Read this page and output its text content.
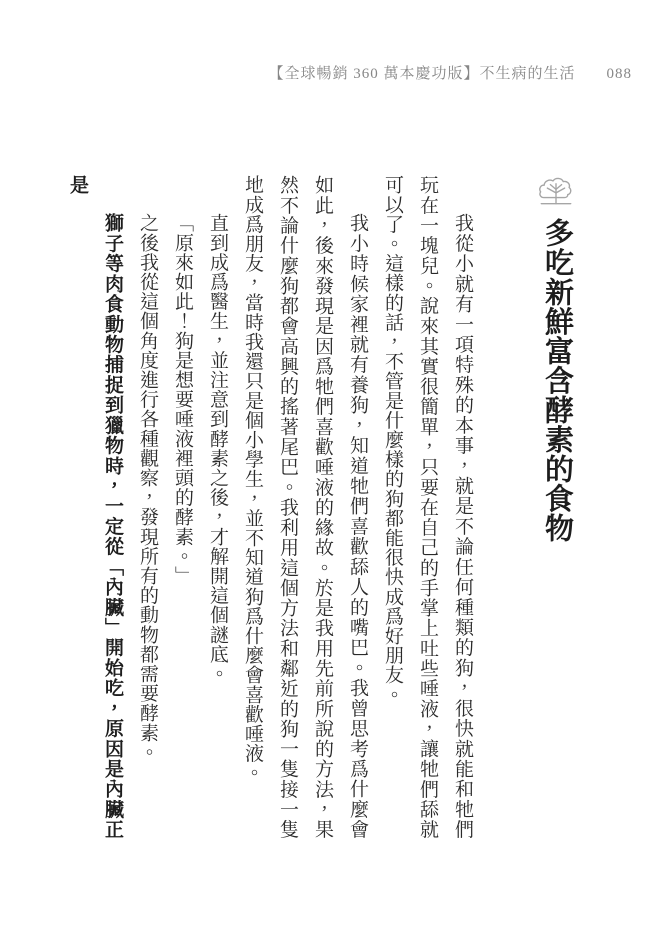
【全球暢銷 360 萬本慶功版】不生病的生活 088
多吃新鮮富含酵素的食物

我從小就有一項特殊的本事，就是不論任何種類的狗，很快就能和牠們玩在一塊兒。說來其實很簡單，只要在自己的手掌上吐些唾液，讓牠們舔就可以了。這樣的話，不管是什麼樣的狗都能很快成爲好朋友。

我小時候家裡就有養狗，知道牠們喜歡舔人的嘴巴。我曾思考爲什麼會如此，後來發現是因爲牠們喜歡唾液的緣故。於是我用先前所說的方法，果然不論什麼狗都會高興的搖著尾巴。我利用這個方法和鄰近的狗一隻接一隻地成爲朋友，當時我還只是個小學生，並不知道狗爲什麼會喜歡唾液。

直到成爲醫生，並注意到酵素之後，才解開這個謎底。

「原來如此！狗是想要唾液裡頭的酵素。」

之後我從這個角度進行各種觀察，發現所有的動物都需要酵素。

獅子等肉食動物捕捉到獵物時，一定從「內臟」開始吃，原因是內臟正是
